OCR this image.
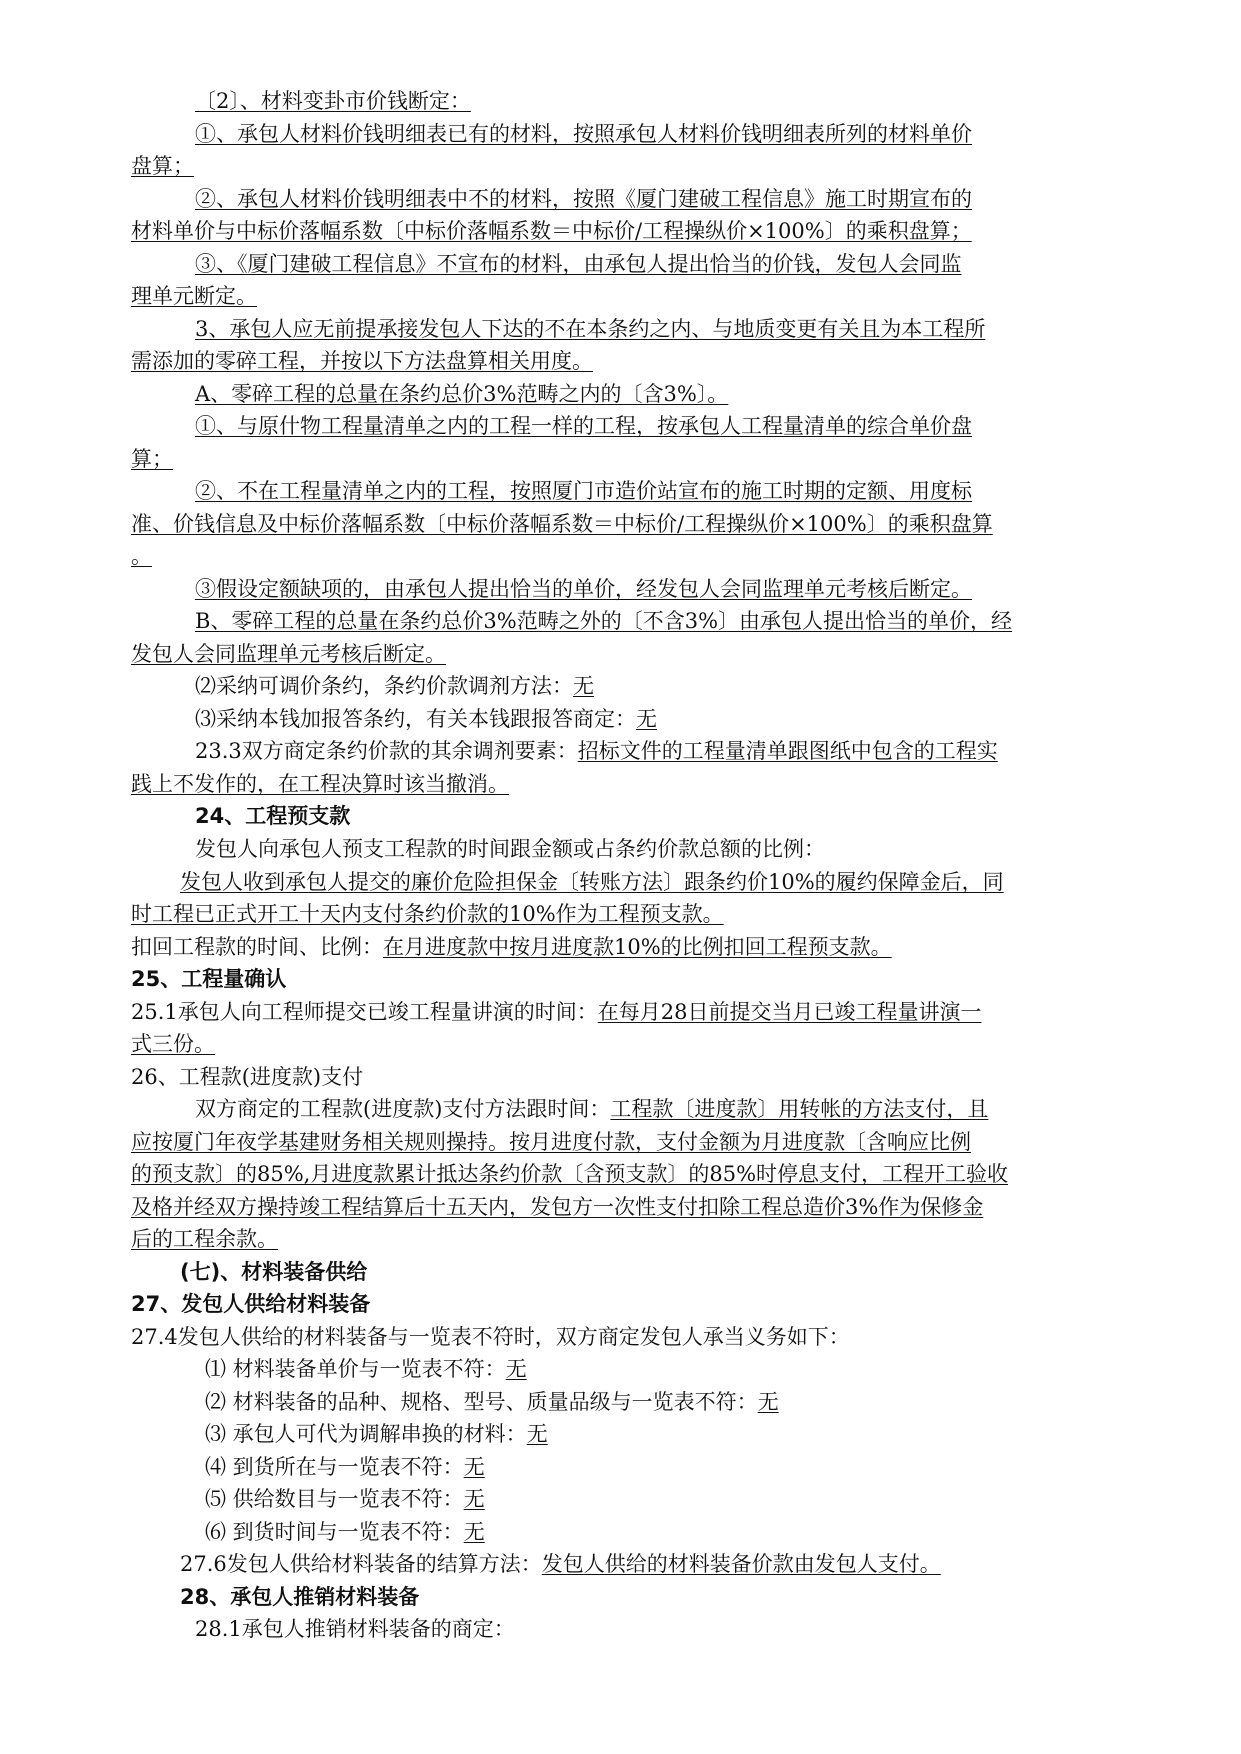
〔2〕、材料变卦市价钱断定：
①、承包人材料价钱明细表已有的材料，按照承包人材料价钱明细表所列的材料单价
盘算；
②、承包人材料价钱明细表中不的材料，按照《厦门建破工程信息》施工时期宣布的
材料单价与中标价落幅系数〔中标价落幅系数＝中标价/工程操纵价×100%〕的乘积盘算；
③、《厦门建破工程信息》不宣布的材料，由承包人提出恰当的价钱，发包人会同监
理单元断定。
3、承包人应无前提承接发包人下达的不在本条约之内、与地质变更有关且为本工程所
需添加的零碎工程，并按以下方法盘算相关用度。
A、零碎工程的总量在条约总价3%范畴之内的〔含3%〕。
①、与原什物工程量清单之内的工程一样的工程，按承包人工程量清单的综合单价盘
算；
②、不在工程量清单之内的工程，按照厦门市造价站宣布的施工时期的定额、用度标
准、价钱信息及中标价落幅系数〔中标价落幅系数＝中标价/工程操纵价×100%〕的乘积盘算
。
③假设定额缺项的，由承包人提出恰当的单价，经发包人会同监理单元考核后断定。
B、零碎工程的总量在条约总价3%范畴之外的〔不含3%〕由承包人提出恰当的单价，经
发包人会同监理单元考核后断定。
⑵采纳可调价条约，条约价款调剂方法：无
⑶采纳本钱加报答条约，有关本钱跟报答商定：无
23.3双方商定条约价款的其余调剂要素：招标文件的工程量清单跟图纸中包含的工程实
践上不发作的，在工程决算时该当撤消。
24、工程预支款
发包人向承包人预支工程款的时间跟金额或占条约价款总额的比例：
发包人收到承包人提交的廉价危险担保金〔转账方法〕跟条约价10%的履约保障金后，同
时工程已正式开工十天内支付条约价款的10%作为工程预支款。
扣回工程款的时间、比例：在月进度款中按月进度款10%的比例扣回工程预支款。
25、工程量确认
25.1承包人向工程师提交已竣工程量讲演的时间：在每月28日前提交当月已竣工程量讲演一
式三份。
26、工程款(进度款)支付
双方商定的工程款(进度款)支付方法跟时间：工程款〔进度款〕用转帐的方法支付，且
应按厦门年夜学基建财务相关规则操持。按月进度付款，支付金额为月进度款〔含响应比例
的预支款〕的85%,月进度款累计抵达条约价款〔含预支款〕的85%时停息支付，工程开工验收
及格并经双方操持竣工程结算后十五天内，发包方一次性支付扣除工程总造价3%作为保修金
后的工程余款。
(七)、材料装备供给
27、发包人供给材料装备
27.4发包人供给的材料装备与一览表不符时，双方商定发包人承当义务如下：
⑴ 材料装备单价与一览表不符：无
⑵ 材料装备的品种、规格、型号、质量品级与一览表不符：无
⑶ 承包人可代为调解串换的材料：无
⑷ 到货所在与一览表不符：无
⑸ 供给数目与一览表不符：无
⑹ 到货时间与一览表不符：无
27.6发包人供给材料装备的结算方法：发包人供给的材料装备价款由发包人支付。
28、承包人推销材料装备
28.1承包人推销材料装备的商定：
